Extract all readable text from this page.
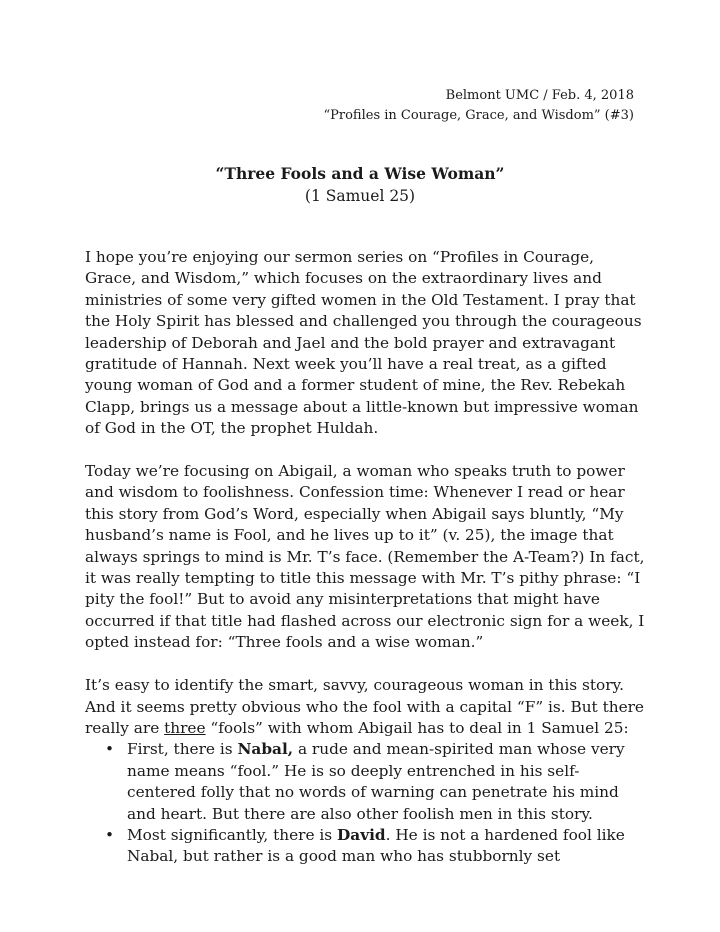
Belmont UMC / Feb. 4, 2018
“Profiles in Courage, Grace, and Wisdom” (#3)
“Three Fools and a Wise Woman”
(1 Samuel 25)

I hope you’re enjoying our sermon series on “Profiles in Courage, Grace, and Wisdom,” which focuses on the extraordinary lives and ministries of some very gifted women in the Old Testament. I pray that the Holy Spirit has blessed and challenged you through the courageous leadership of Deborah and Jael and the bold prayer and extravagant gratitude of Hannah. Next week you’ll have a real treat, as a gifted young woman of God and a former student of mine, the Rev. Rebekah Clapp, brings us a message about a little-known but impressive woman of God in the OT, the prophet Huldah.

Today we’re focusing on Abigail, a woman who speaks truth to power and wisdom to foolishness. Confession time: Whenever I read or hear this story from God’s Word, especially when Abigail says bluntly, “My husband’s name is Fool, and he lives up to it” (v. 25), the image that always springs to mind is Mr. T’s face. (Remember the A-Team?) In fact, it was really tempting to title this message with Mr. T’s pithy phrase: “I pity the fool!” But to avoid any misinterpretations that might have occurred if that title had flashed across our electronic sign for a week, I opted instead for: “Three fools and a wise woman.”

It’s easy to identify the smart, savvy, courageous woman in this story. And it seems pretty obvious who the fool with a capital “F” is. But there really are three “fools” with whom Abigail has to deal in 1 Samuel 25:

• First, there is Nabal, a rude and mean-spirited man whose very name means “fool.” He is so deeply entrenched in his self-centered folly that no words of warning can penetrate his mind and heart. But there are also other foolish men in this story.
• Most significantly, there is David. He is not a hardened fool like Nabal, but rather is a good man who has stubbornly set
